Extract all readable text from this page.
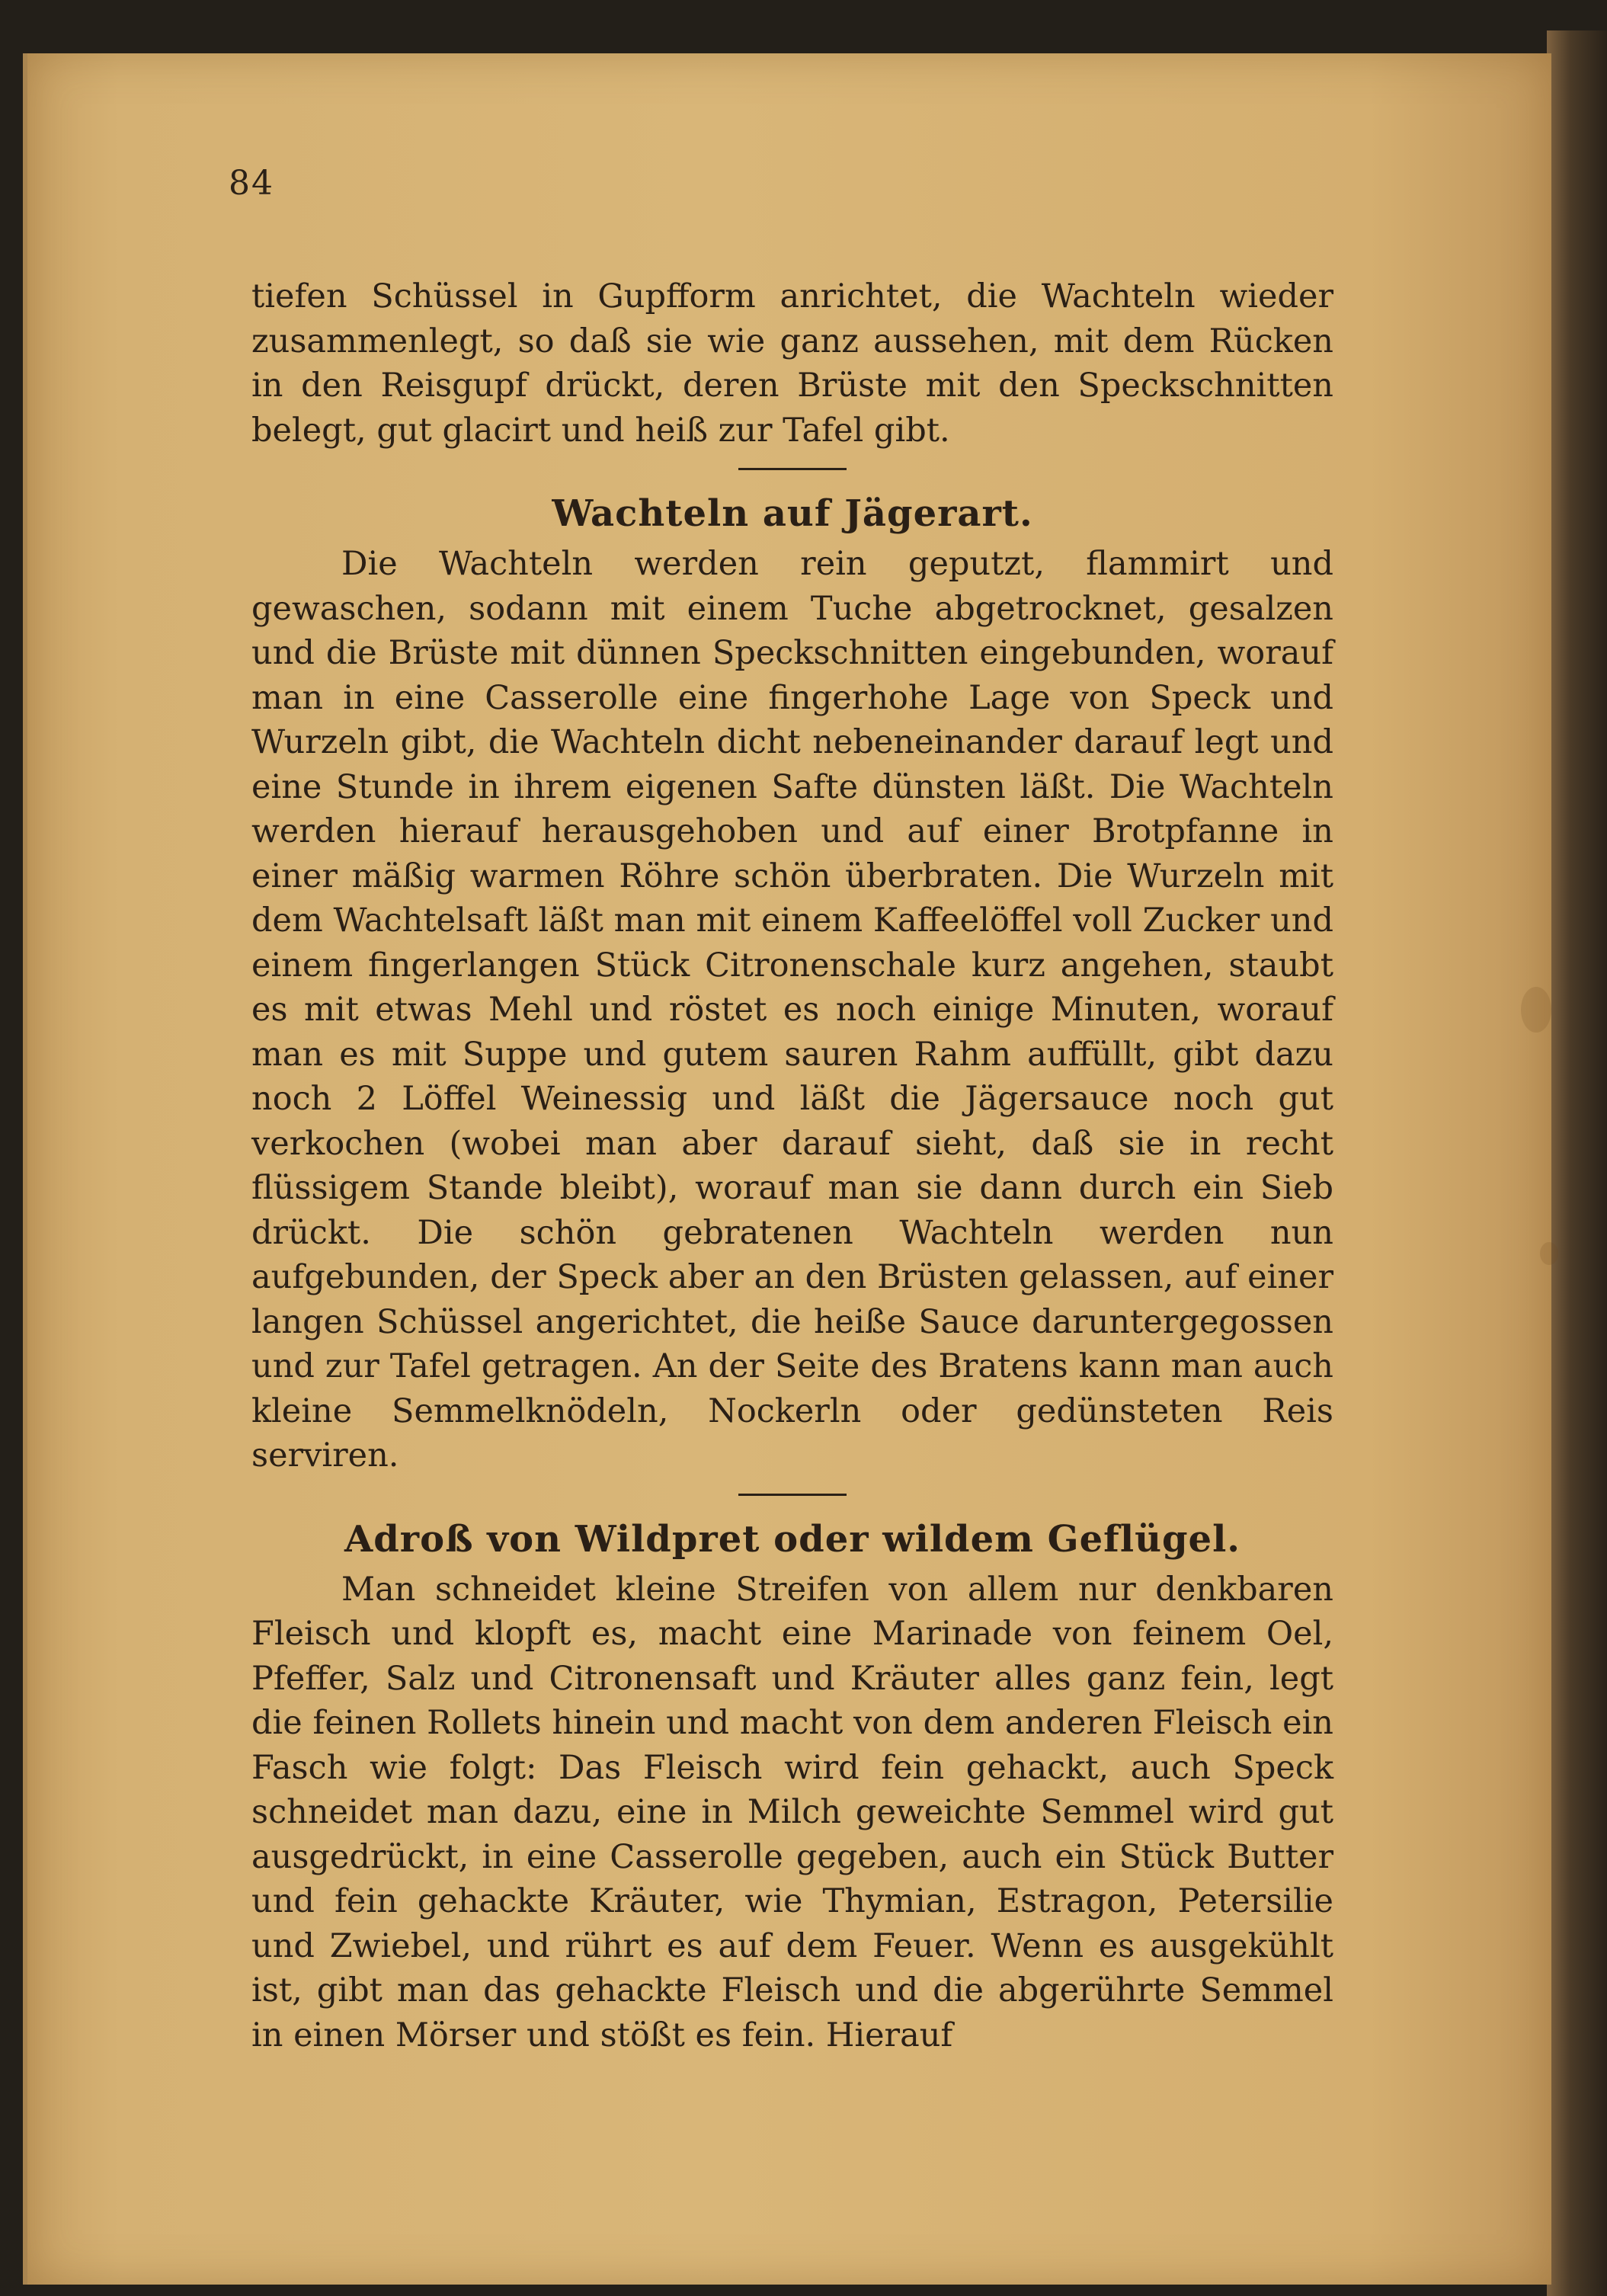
84

tiefen Schüssel in Gupfform anrichtet, die Wachteln wieder zusammenlegt, so daß sie wie ganz aussehen, mit dem Rücken in den Reisgupf drückt, deren Brüste mit den Speckschnitten belegt, gut glacirt und heiß zur Tafel gibt.

Wachteln auf Jägerart.

Die Wachteln werden rein geputzt, flammirt und gewaschen, sodann mit einem Tuche abgetrocknet, gesalzen und die Brüste mit dünnen Speckschnitten eingebunden, worauf man in eine Casserolle eine fingerhohe Lage von Speck und Wurzeln gibt, die Wachteln dicht nebeneinander darauf legt und eine Stunde in ihrem eigenen Safte dünsten läßt. Die Wachteln werden hierauf herausgehoben und auf einer Brotpfanne in einer mäßig warmen Röhre schön überbraten. Die Wurzeln mit dem Wachtelsaft läßt man mit einem Kaffeelöffel voll Zucker und einem fingerlangen Stück Citronenschale kurz angehen, staubt es mit etwas Mehl und röstet es noch einige Minuten, worauf man es mit Suppe und gutem sauren Rahm auffüllt, gibt dazu noch 2 Löffel Weinessig und läßt die Jägersauce noch gut verkochen (wobei man aber darauf sieht, daß sie in recht flüssigem Stande bleibt), worauf man sie dann durch ein Sieb drückt. Die schön gebratenen Wachteln werden nun aufgebunden, der Speck aber an den Brüsten gelassen, auf einer langen Schüssel angerichtet, die heiße Sauce daruntergegossen und zur Tafel getragen. An der Seite des Bratens kann man auch kleine Semmelknödeln, Nockerln oder gedünsteten Reis serviren.

Adroß von Wildpret oder wildem Geflügel.

Man schneidet kleine Streifen von allem nur denkbaren Fleisch und klopft es, macht eine Marinade von feinem Oel, Pfeffer, Salz und Citronensaft und Kräuter alles ganz fein, legt die feinen Rollets hinein und macht von dem anderen Fleisch ein Fasch wie folgt: Das Fleisch wird fein gehackt, auch Speck schneidet man dazu, eine in Milch geweichte Semmel wird gut ausgedrückt, in eine Casserolle gegeben, auch ein Stück Butter und fein gehackte Kräuter, wie Thymian, Estragon, Petersilie und Zwiebel, und rührt es auf dem Feuer. Wenn es ausgekühlt ist, gibt man das gehackte Fleisch und die abgerührte Semmel in einen Mörser und stößt es fein. Hierauf
